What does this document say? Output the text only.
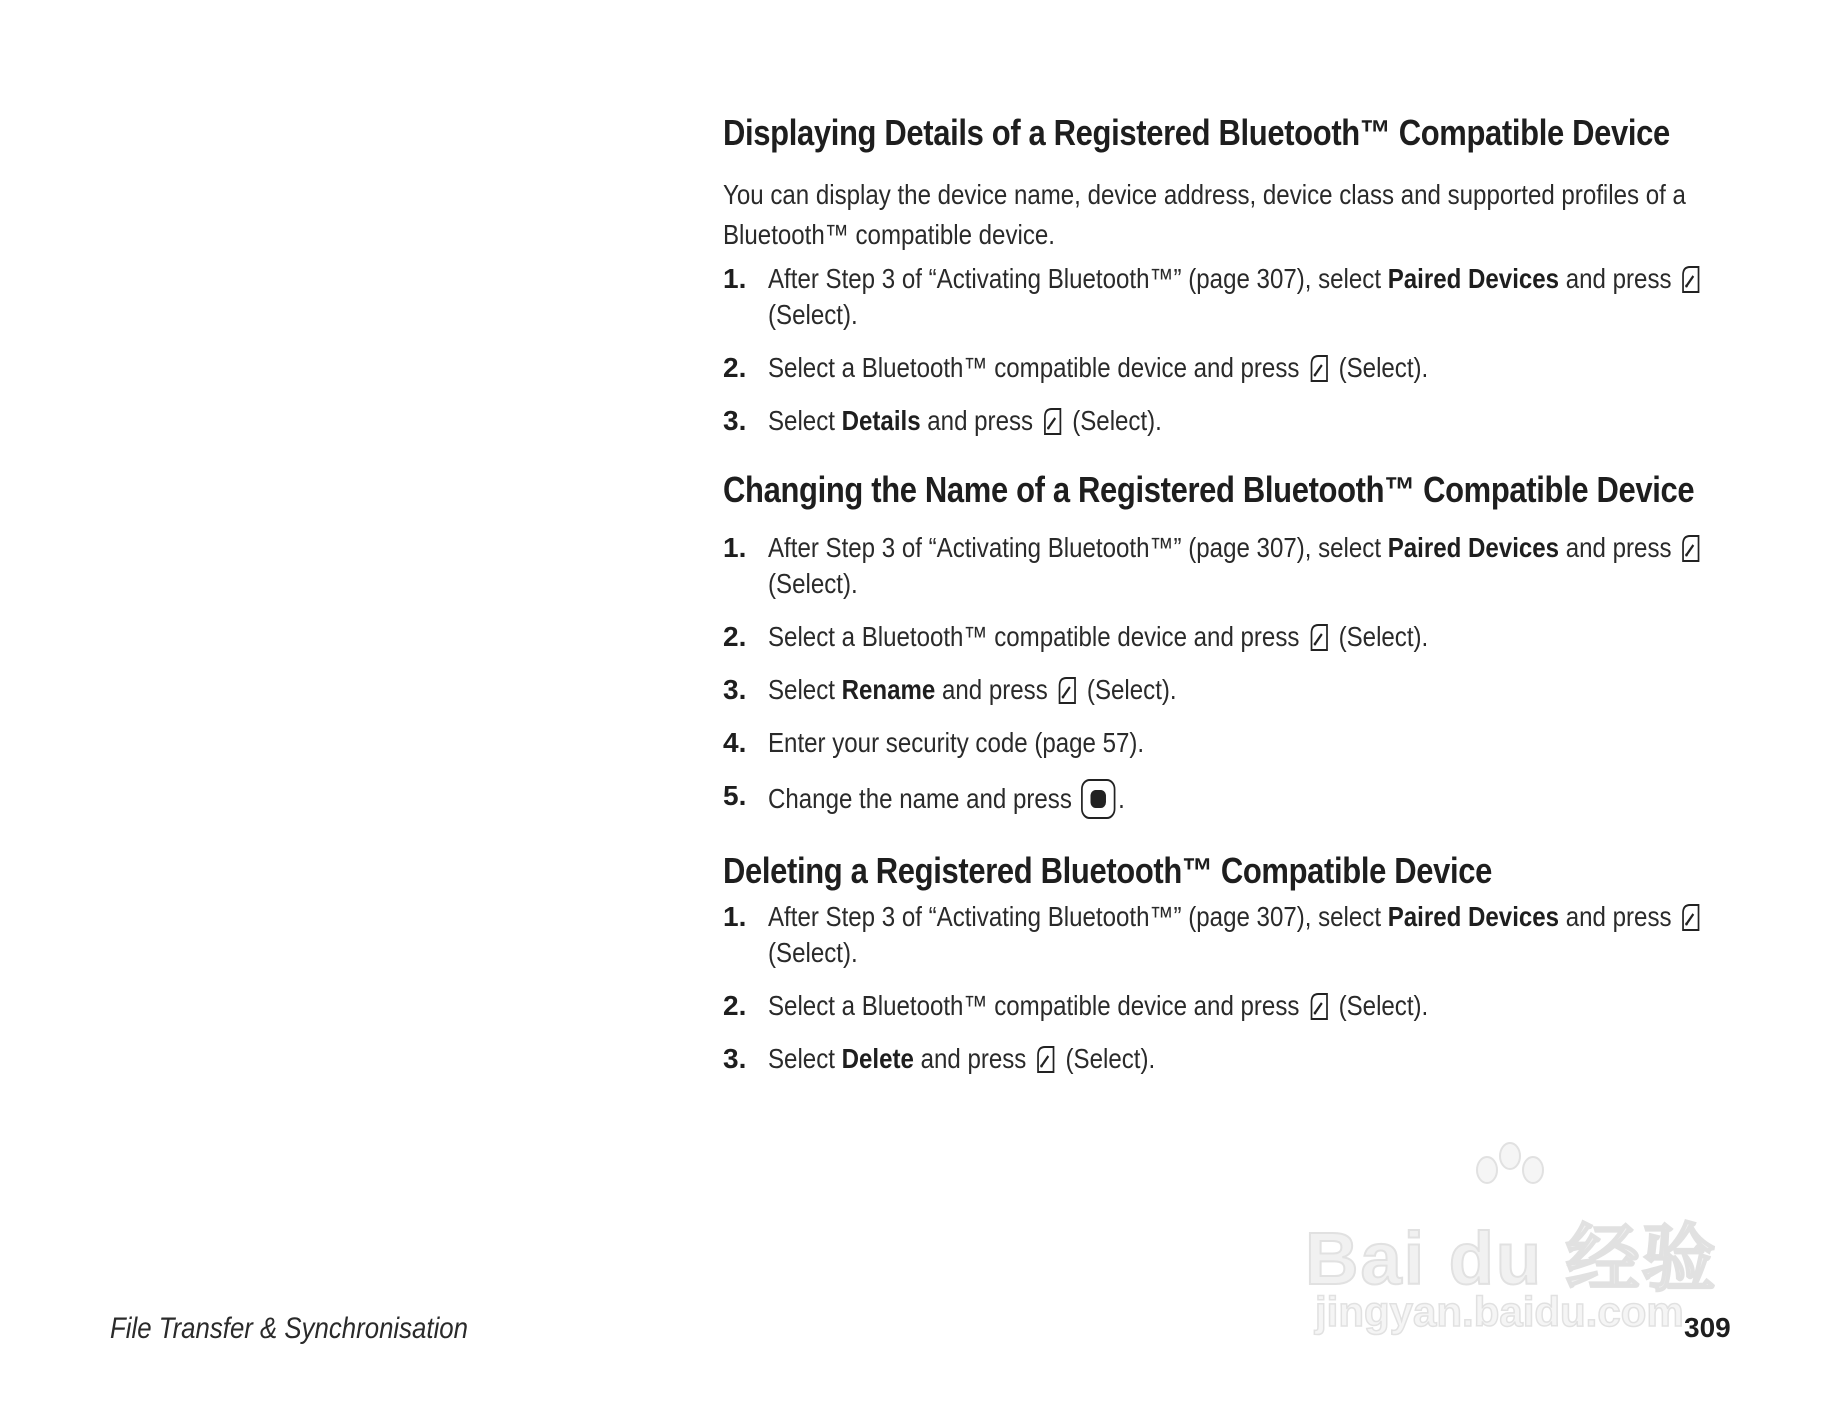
Displaying Details of a Registered Bluetooth™ Compatible Device

You can display the device name, device address, device class and supported profiles of a Bluetooth™ compatible device.

1. After Step 3 of “Activating Bluetooth™” (page 307), select Paired Devices and press
(Select).
2. Select a Bluetooth™ compatible device and press
(Select).
3. Select Details and press
(Select).
Changing the Name of a Registered Bluetooth™ Compatible Device
1. After Step 3 of “Activating Bluetooth™” (page 307), select Paired Devices and press
(Select).
2. Select a Bluetooth™ compatible device and press
(Select).
3. Select Rename and press
(Select).
4. Enter your security code (page 57).
5. Change the name and press
.
Deleting a Registered Bluetooth™ Compatible Device
1. After Step 3 of “Activating Bluetooth™” (page 307), select Paired Devices and press
(Select).
2. Select a Bluetooth™ compatible device and press
(Select).
3. Select Delete and press
(Select).
Bai du 经验
jingyan.baidu.com
File Transfer & Synchronisation	309
